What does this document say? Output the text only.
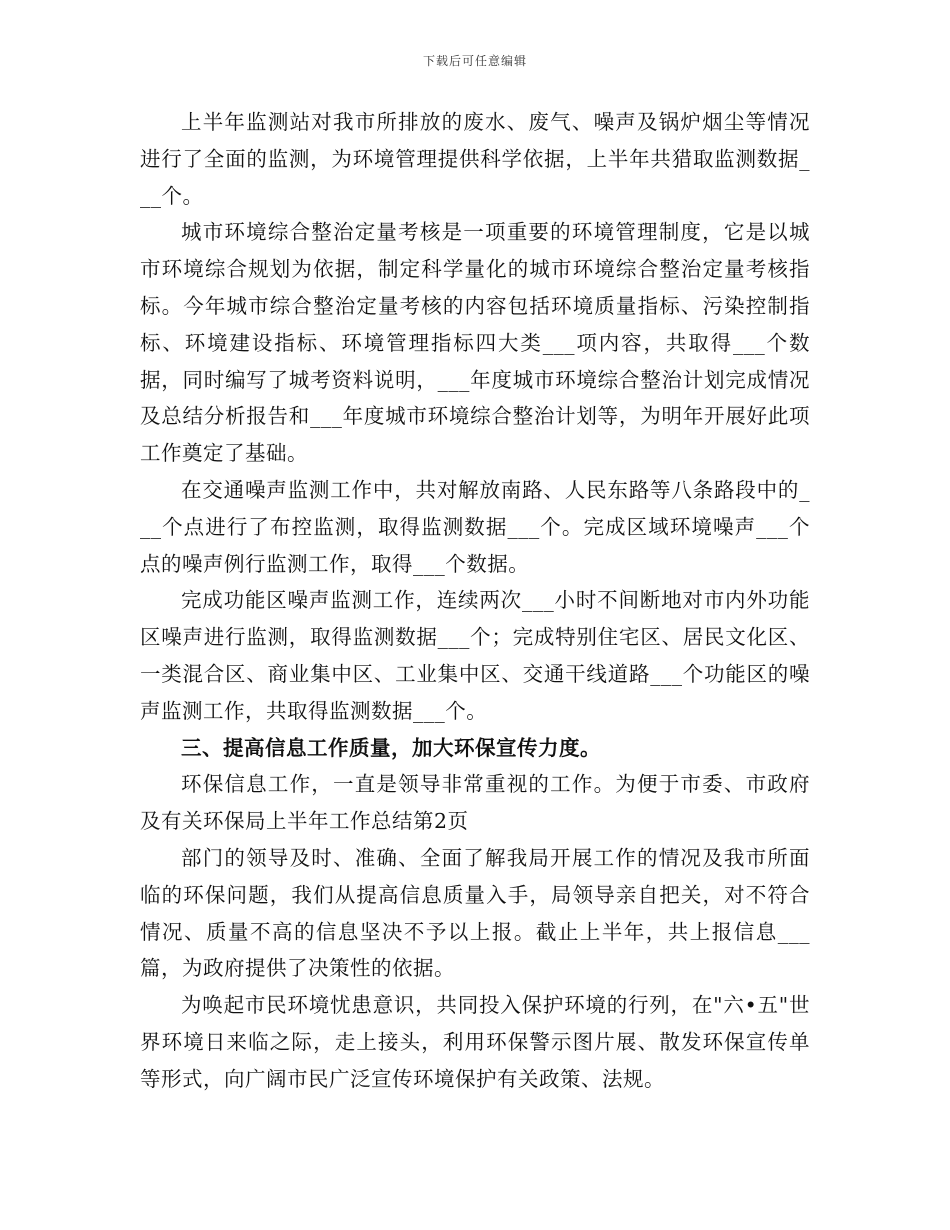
下载后可任意编辑

上半年监测站对我市所排放的废水、废气、噪声及锅炉烟尘等情况进行了全面的监测，为环境管理提供科学依据，上半年共猎取监测数据___个。

城市环境综合整治定量考核是一项重要的环境管理制度，它是以城市环境综合规划为依据，制定科学量化的城市环境综合整治定量考核指标。今年城市综合整治定量考核的内容包括环境质量指标、污染控制指标、环境建设指标、环境管理指标四大类___项内容，共取得___个数据，同时编写了城考资料说明，___年度城市环境综合整治计划完成情况及总结分析报告和___年度城市环境综合整治计划等，为明年开展好此项工作奠定了基础。

在交通噪声监测工作中，共对解放南路、人民东路等八条路段中的___个点进行了布控监测，取得监测数据___个。完成区域环境噪声___个点的噪声例行监测工作，取得___个数据。

完成功能区噪声监测工作，连续两次___小时不间断地对市内外功能区噪声进行监测，取得监测数据___个；完成特别住宅区、居民文化区、一类混合区、商业集中区、工业集中区、交通干线道路___个功能区的噪声监测工作，共取得监测数据___个。

三、提高信息工作质量，加大环保宣传力度。

环保信息工作，一直是领导非常重视的工作。为便于市委、市政府及有关环保局上半年工作总结第2页

部门的领导及时、准确、全面了解我局开展工作的情况及我市所面临的环保问题，我们从提高信息质量入手，局领导亲自把关，对不符合情况、质量不高的信息坚决不予以上报。截止上半年，共上报信息___篇，为政府提供了决策性的依据。

为唤起市民环境忧患意识，共同投入保护环境的行列，在"六•五"世界环境日来临之际，走上接头，利用环保警示图片展、散发环保宣传单等形式，向广阔市民广泛宣传环境保护有关政策、法规。
